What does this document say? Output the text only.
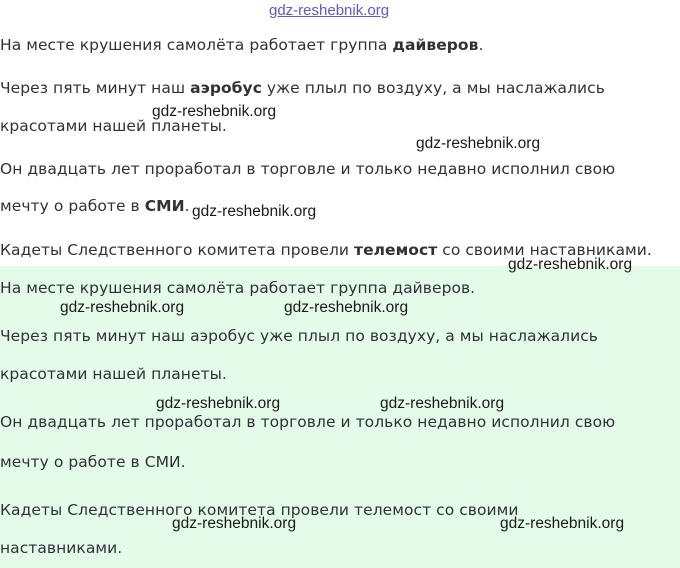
gdz-reshebnik.org

На месте крушения самолёта работает группа дайверов.

Через пять минут наш аэробус уже плыл по воздуху, а мы наслажались

красотами нашей планеты.

Он двадцать лет проработал в торговле и только недавно исполнил свою

мечту о работе в СМИ.

Кадеты Следственного комитета провели телемост со своими наставниками.

gdz-reshebnik.org
gdz-reshebnik.org
gdz-reshebnik.org

На месте крушения самолёта работает группа дайверов.

Через пять минут наш аэробус уже плыл по воздуху, а мы наслажались

красотами нашей планеты.

Он двадцать лет проработал в торговле и только недавно исполнил свою

мечту о работе в СМИ.

Кадеты Следственного комитета провели телемост со своими

наставниками.

gdz-reshebnik.org
gdz-reshebnik.org	gdz-reshebnik.org
gdz-reshebnik.org	gdz-reshebnik.org
gdz-reshebnik.org	gdz-reshebnik.org
